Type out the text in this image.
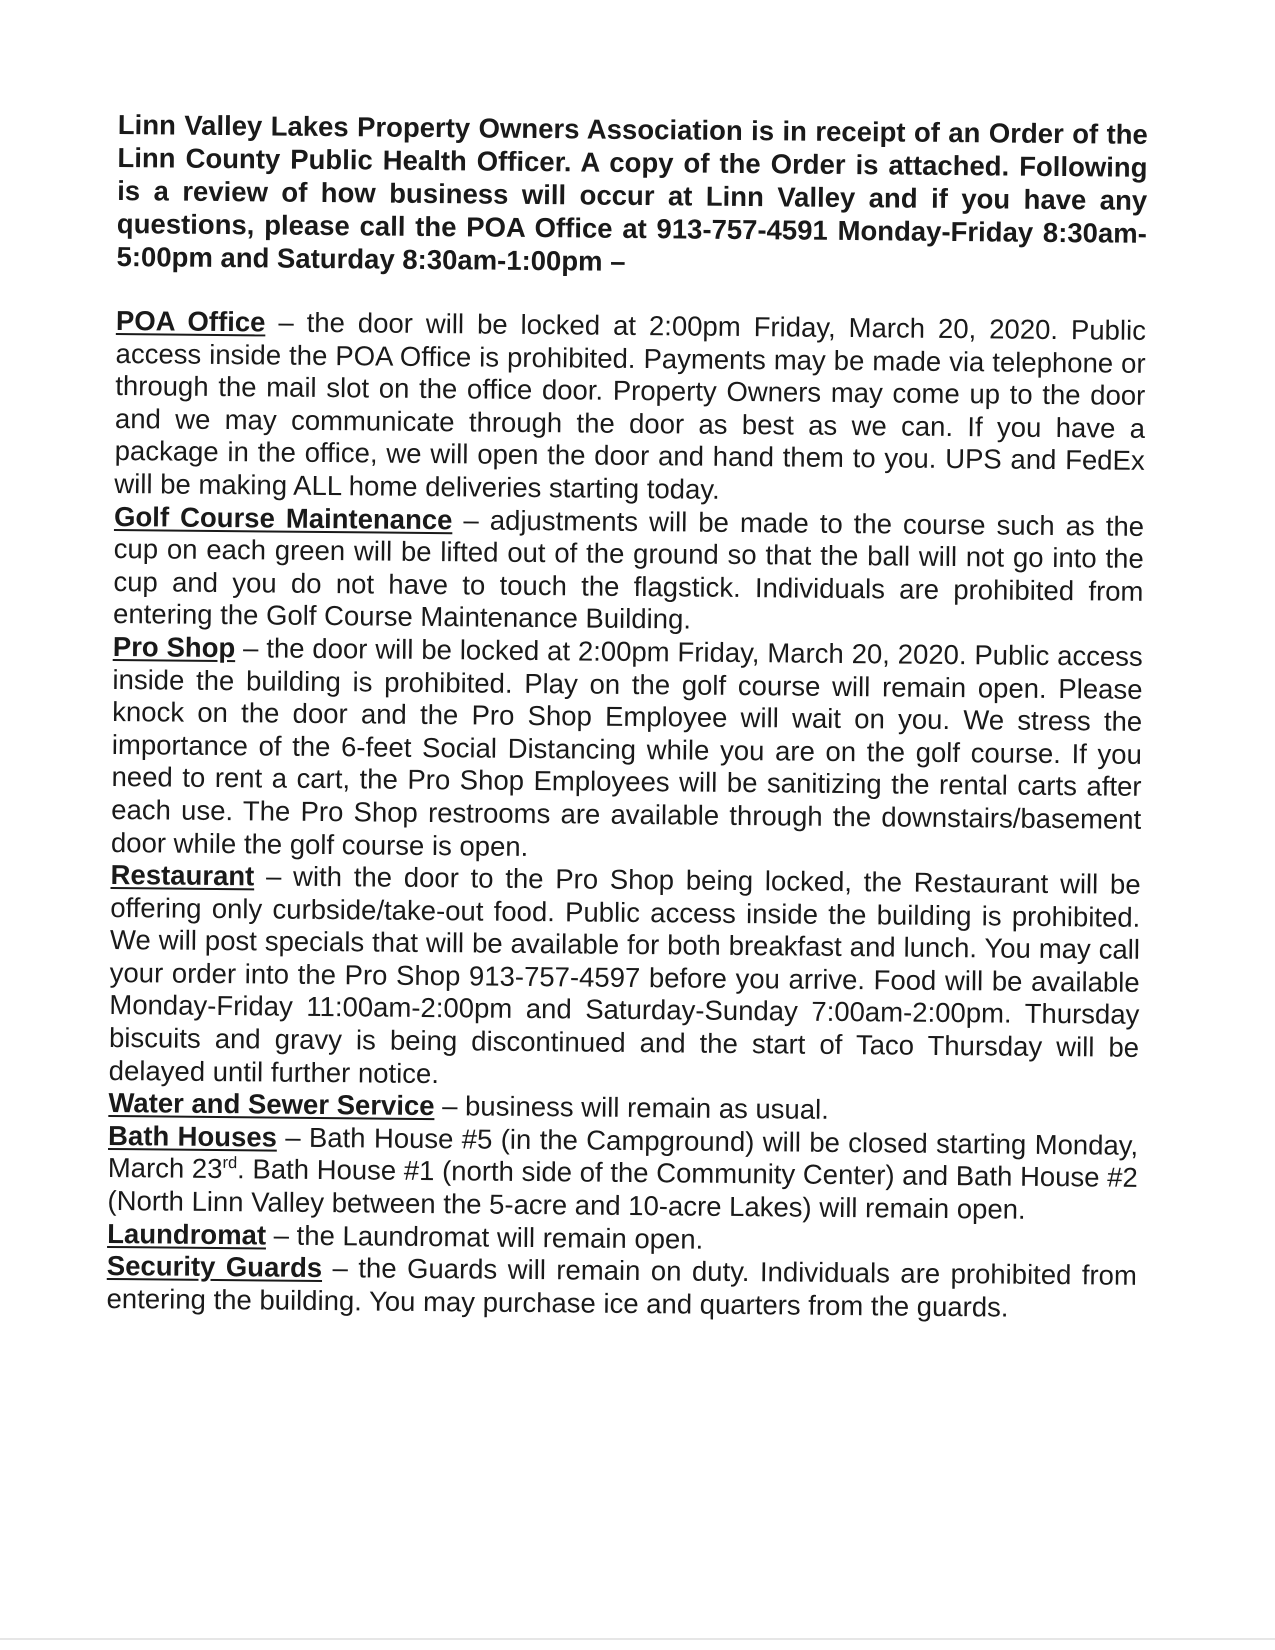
Linn Valley Lakes Property Owners Association is in receipt of an Order of the Linn County Public Health Officer. A copy of the Order is attached. Following is a review of how business will occur at Linn Valley and if you have any questions, please call the POA Office at 913-757-4591 Monday-Friday 8:30am-5:00pm and Saturday 8:30am-1:00pm –

POA Office – the door will be locked at 2:00pm Friday, March 20, 2020. Public access inside the POA Office is prohibited. Payments may be made via telephone or through the mail slot on the office door. Property Owners may come up to the door and we may communicate through the door as best as we can. If you have a package in the office, we will open the door and hand them to you. UPS and FedEx will be making ALL home deliveries starting today.

Golf Course Maintenance – adjustments will be made to the course such as the cup on each green will be lifted out of the ground so that the ball will not go into the cup and you do not have to touch the flagstick. Individuals are prohibited from entering the Golf Course Maintenance Building.

Pro Shop – the door will be locked at 2:00pm Friday, March 20, 2020. Public access inside the building is prohibited. Play on the golf course will remain open. Please knock on the door and the Pro Shop Employee will wait on you. We stress the importance of the 6-feet Social Distancing while you are on the golf course. If you need to rent a cart, the Pro Shop Employees will be sanitizing the rental carts after each use. The Pro Shop restrooms are available through the downstairs/basement door while the golf course is open.

Restaurant – with the door to the Pro Shop being locked, the Restaurant will be offering only curbside/take-out food. Public access inside the building is prohibited. We will post specials that will be available for both breakfast and lunch. You may call your order into the Pro Shop 913-757-4597 before you arrive. Food will be available Monday-Friday 11:00am-2:00pm and Saturday-Sunday 7:00am-2:00pm. Thursday biscuits and gravy is being discontinued and the start of Taco Thursday will be delayed until further notice.

Water and Sewer Service – business will remain as usual.

Bath Houses – Bath House #5 (in the Campground) will be closed starting Monday, March 23rd. Bath House #1 (north side of the Community Center) and Bath House #2 (North Linn Valley between the 5-acre and 10-acre Lakes) will remain open.

Laundromat – the Laundromat will remain open.

Security Guards – the Guards will remain on duty. Individuals are prohibited from entering the building. You may purchase ice and quarters from the guards.
